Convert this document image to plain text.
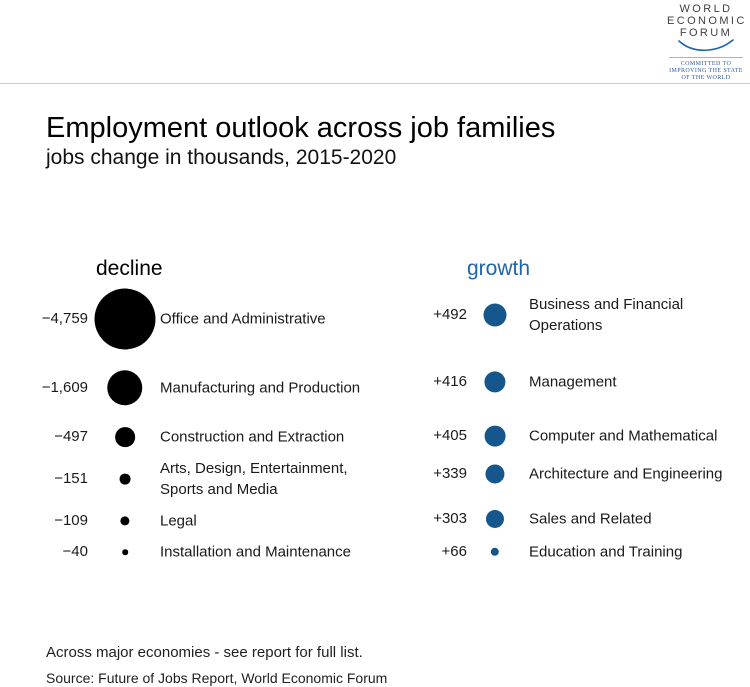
WORLD
ECONOMIC
FORUM
COMMITTED TO
IMPROVING THE STATE
OF THE WORLD
Employment outlook across job families
jobs change in thousands, 2015-2020
decline	growth
−4,759	Office and Administrative
−1,609	Manufacturing and Production
−497	Construction and Extraction
−151
Arts, Design, Entertainment, Sports and Media
−109	Legal
−40	Installation and Maintenance
+492
Business and Financial Operations
+416	Management
+405	Computer and Mathematical
+339	Architecture and Engineering
+303	Sales and Related
+66	Education and Training
Across major economies - see report for full list.
Source: Future of Jobs Report, World Economic Forum
